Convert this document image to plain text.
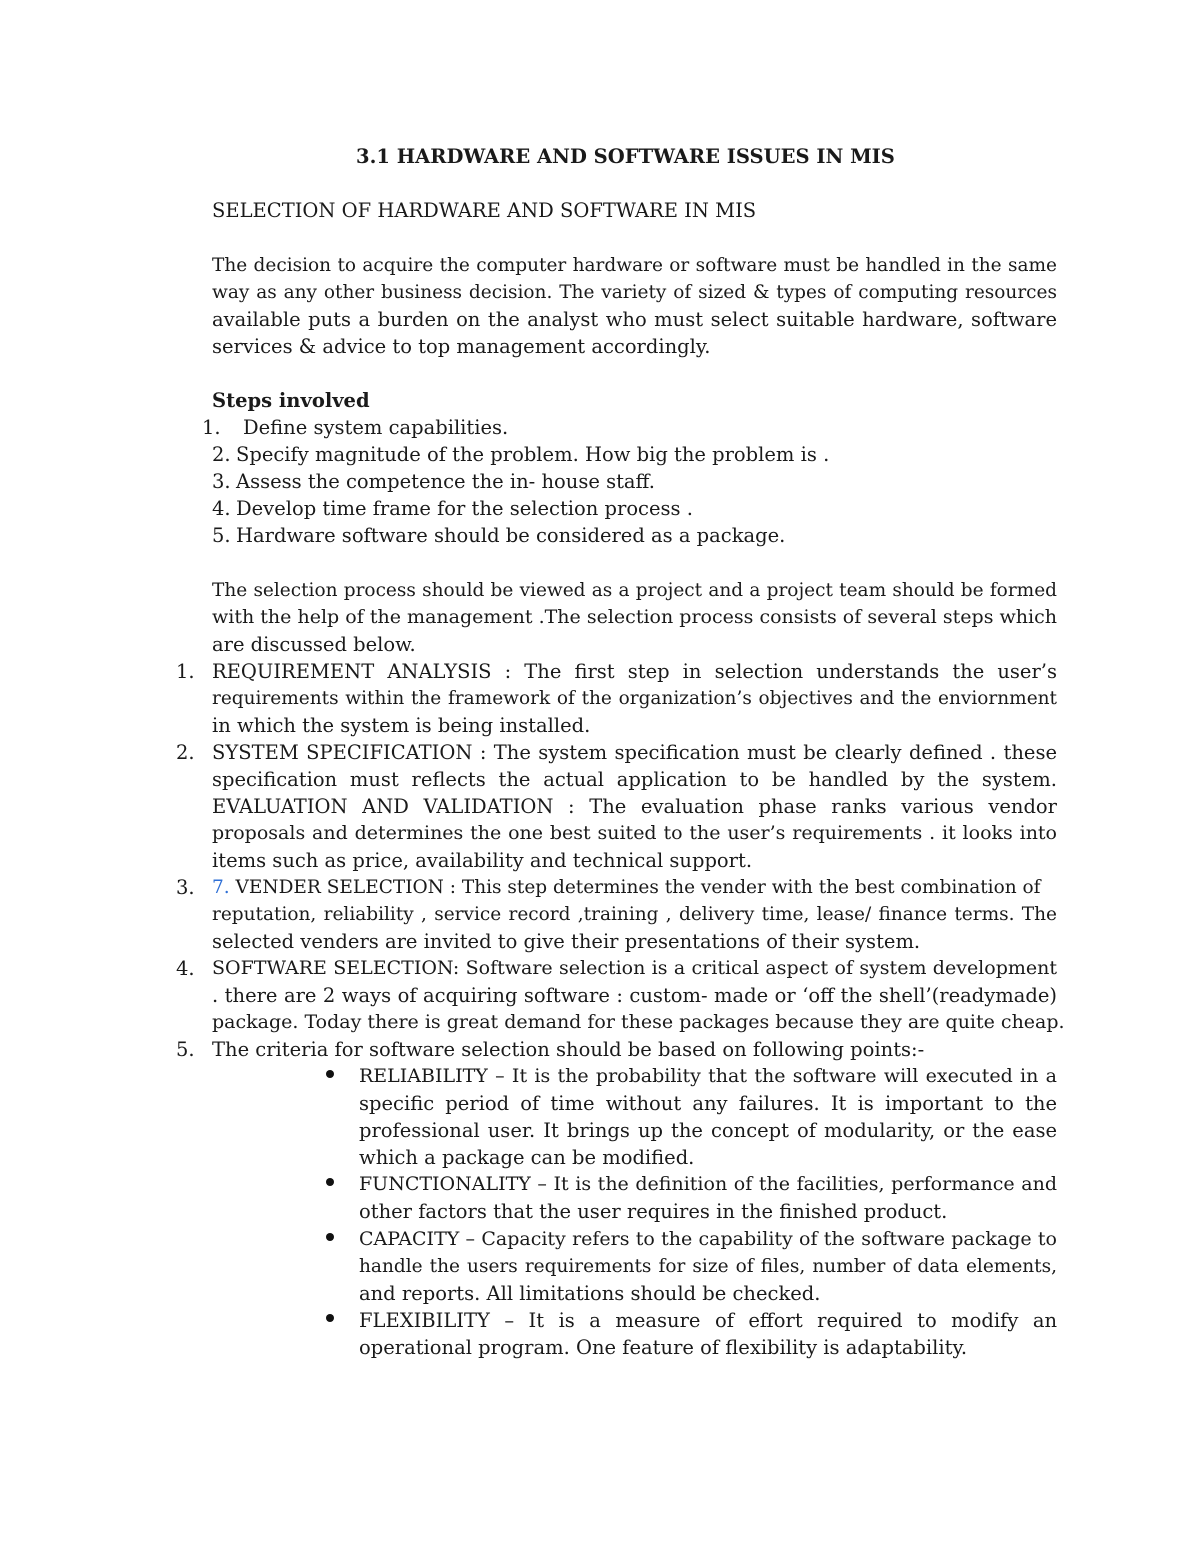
3.1 HARDWARE AND SOFTWARE ISSUES IN MIS
SELECTION OF HARDWARE AND SOFTWARE IN MIS
The decision to acquire the computer hardware or software must be handled in the same
way as any other business decision. The variety of sized & types of computing resources
available puts a burden on the analyst who must select suitable hardware, software
services & advice to top management accordingly.
Steps involved
1. Define system capabilities.
2. Specify magnitude of the problem. How big the problem is .
3. Assess the competence the in- house staff.
4. Develop time frame for the selection process .
5. Hardware software should be considered as a package.
The selection process should be viewed as a project and a project team should be formed
with the help of the management .The selection process consists of several steps which
are discussed below.
1. REQUIREMENT ANALYSIS : The first step in selection understands the user’s
requirements within the framework of the organization’s objectives and the enviornment
in which the system is being installed.
2. SYSTEM SPECIFICATION : The system specification must be clearly defined . these
specification must reflects the actual application to be handled by the system.
EVALUATION AND VALIDATION : The evaluation phase ranks various vendor
proposals and determines the one best suited to the user’s requirements . it looks into
items such as price, availability and technical support.
3. 7. VENDER SELECTION : This step determines the vender with the best combination of
reputation, reliability , service record ,training , delivery time, lease/ finance terms. The
selected venders are invited to give their presentations of their system.
4. SOFTWARE SELECTION: Software selection is a critical aspect of system development
. there are 2 ways of acquiring software : custom- made or ‘off the shell’(readymade)
package. Today there is great demand for these packages because they are quite cheap.
5. The criteria for software selection should be based on following points:-
RELIABILITY – It is the probability that the software will executed in a
specific period of time without any failures. It is important to the
professional user. It brings up the concept of modularity, or the ease
which a package can be modified.
FUNCTIONALITY – It is the definition of the facilities, performance and
other factors that the user requires in the finished product.
CAPACITY – Capacity refers to the capability of the software package to
handle the users requirements for size of files, number of data elements,
and reports. All limitations should be checked.
FLEXIBILITY – It is a measure of effort required to modify an
operational program. One feature of flexibility is adaptability.
